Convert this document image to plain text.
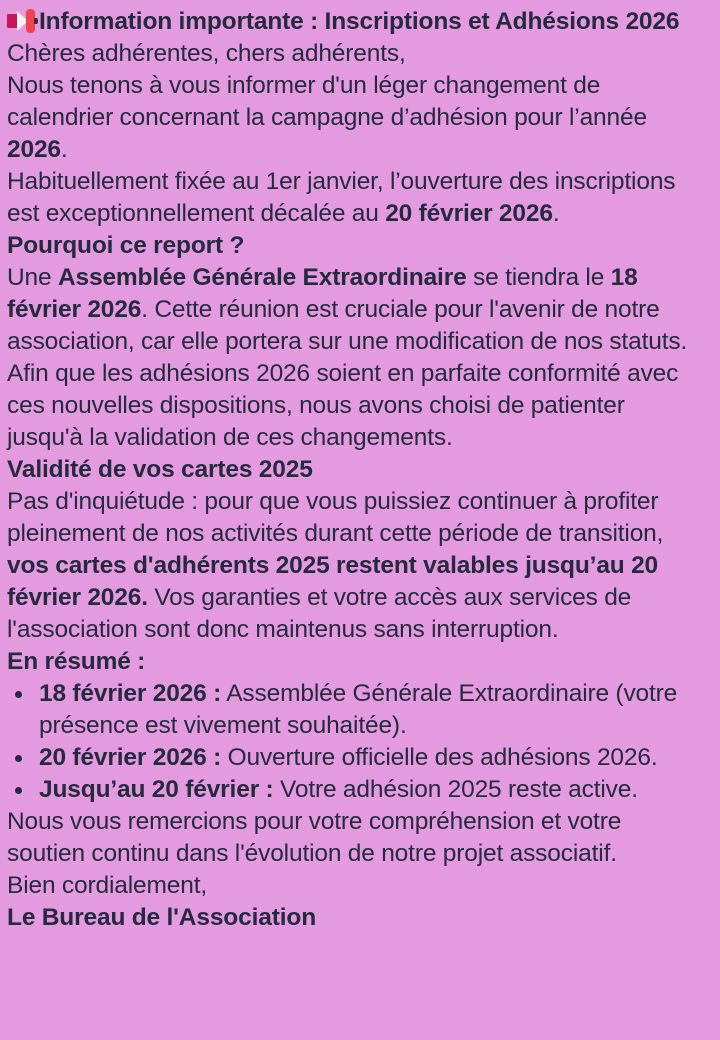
Information importante : Inscriptions et Adhésions 2026

Chères adhérentes, chers adhérents,

Nous tenons à vous informer d'un léger changement de calendrier concernant la campagne d’adhésion pour l’année 2026.

Habituellement fixée au 1er janvier, l’ouverture des inscriptions est exceptionnellement décalée au 20 février 2026.

Pourquoi ce report ?

Une Assemblée Générale Extraordinaire se tiendra le 18 février 2026. Cette réunion est cruciale pour l'avenir de notre association, car elle portera sur une modification de nos statuts. Afin que les adhésions 2026 soient en parfaite conformité avec ces nouvelles dispositions, nous avons choisi de patienter jusqu'à la validation de ces changements.

Validité de vos cartes 2025

Pas d'inquiétude : pour que vous puissiez continuer à profiter pleinement de nos activités durant cette période de transition, vos cartes d'adhérents 2025 restent valables jusqu’au 20 février 2026. Vos garanties et votre accès aux services de l'association sont donc maintenus sans interruption.

En résumé :

18 février 2026 : Assemblée Générale Extraordinaire (votre présence est vivement souhaitée).
20 février 2026 : Ouverture officielle des adhésions 2026.
Jusqu’au 20 février : Votre adhésion 2025 reste active.

Nous vous remercions pour votre compréhension et votre soutien continu dans l'évolution de notre projet associatif.

Bien cordialement,

Le Bureau de l'Association
